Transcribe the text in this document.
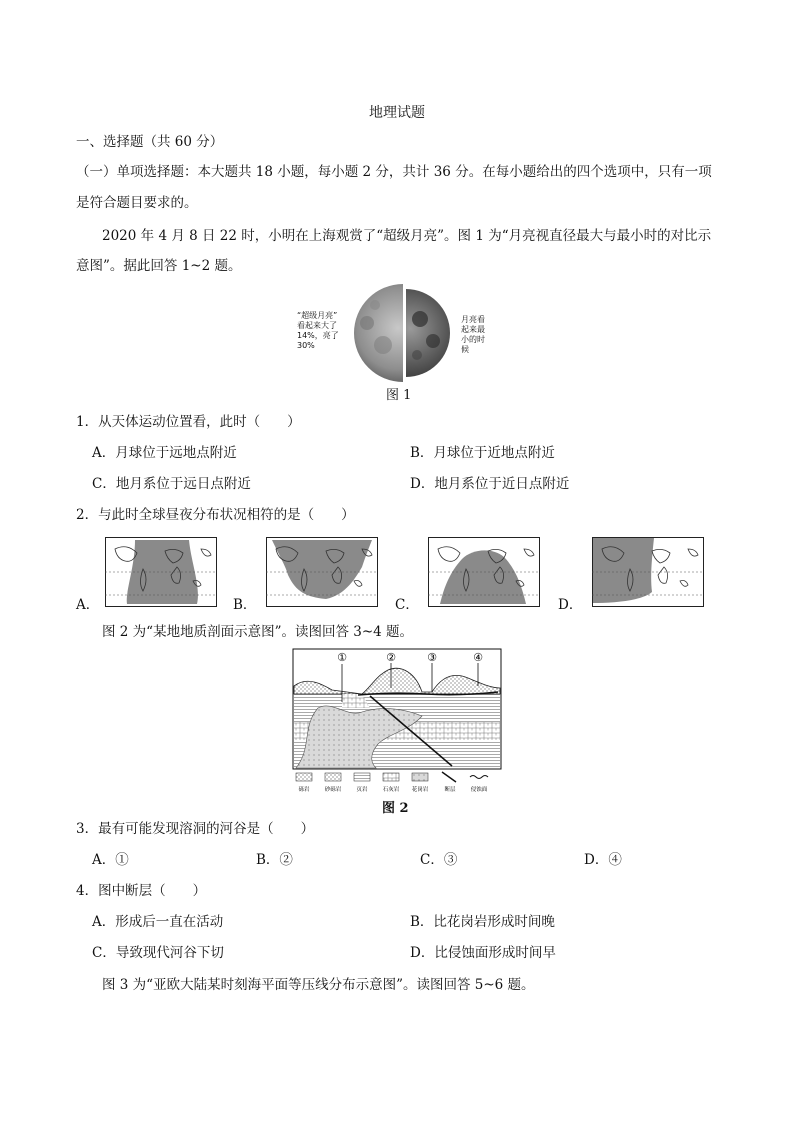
地理试题
一、选择题（共 60 分）
（一）单项选择题：本大题共 18 小题，每小题 2 分，共计 36 分。在每小题给出的四个选项中，只有一项
是符合题目要求的。
2020 年 4 月 8 日 22 时，小明在上海观赏了“超级月亮”。图 1 为“月亮视直径最大与最小时的对比示
意图”。据此回答 1~2 题。
“超级月亮”
看起来大了
14%，亮了
30%
月亮看
起来最
小的时
候
图 1
1．从天体运动位置看，此时（　　）
A．月球位于远地点附近	B．月球位于近地点附近
C．地月系位于远日点附近	D．地月系位于近日点附近
2．与此时全球昼夜分布状况相符的是（　　）
A．	B．	C．	D．
图 2 为“某地地质剖面示意图”。读图回答 3~4 题。
①	②	③	④
砾岩	砂砾岩	页岩	石灰岩 花岗岩	断层	侵蚀面
图 2
3．最有可能发现溶洞的河谷是（　　）
A．①	B．②	C．③	D．④
4．图中断层（　　）
A．形成后一直在活动	B．比花岗岩形成时间晚
C．导致现代河谷下切	D．比侵蚀面形成时间早
图 3 为“亚欧大陆某时刻海平面等压线分布示意图”。读图回答 5~6 题。
